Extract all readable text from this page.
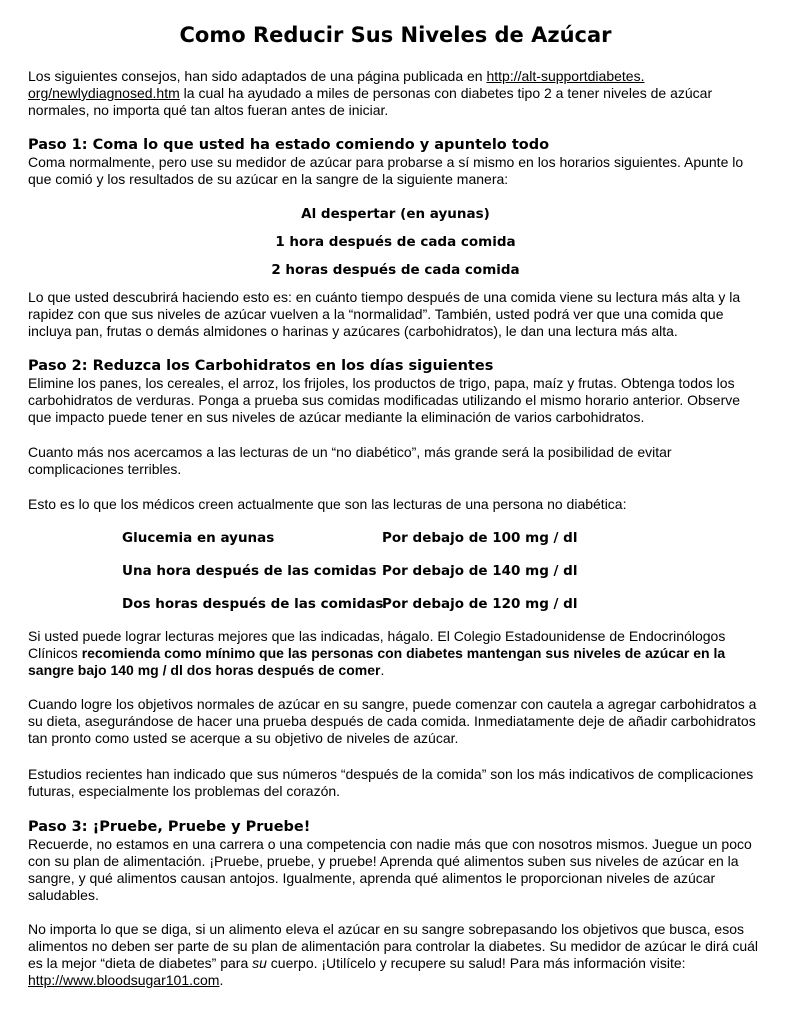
Como Reducir Sus Niveles de Azúcar

Los siguientes consejos, han sido adaptados de una página publicada en http://alt-supportdiabetes.
org/newlydiagnosed.htm la cual ha ayudado a miles de personas con diabetes tipo 2 a tener niveles de azúcar normales, no importa qué tan altos fueran antes de iniciar.

Paso 1: Coma lo que usted ha estado comiendo y apuntelo todo

Coma normalmente, pero use su medidor de azúcar para probarse a sí mismo en los horarios siguientes. Apunte lo que comió y los resultados de su azúcar en la sangre de la siguiente manera:

Al despertar (en ayunas)
1 hora después de cada comida
2 horas después de cada comida

Lo que usted descubrirá haciendo esto es: en cuánto tiempo después de una comida viene su lectura más alta y la rapidez con que sus niveles de azúcar vuelven a la “normalidad”. También, usted podrá ver que una comida que incluya pan, frutas o demás almidones o harinas y azúcares (carbohidratos), le dan una lectura más alta.

Paso 2: Reduzca los Carbohidratos en los días siguientes

Elimine los panes, los cereales, el arroz, los frijoles, los productos de trigo, papa, maíz y frutas. Obtenga todos los carbohidratos de verduras. Ponga a prueba sus comidas modificadas utilizando el mismo horario anterior. Observe que impacto puede tener en sus niveles de azúcar mediante la eliminación de varios carbohidratos.

Cuanto más nos acercamos a las lecturas de un “no diabético”, más grande será la posibilidad de evitar complicaciones terribles.

Esto es lo que los médicos creen actualmente que son las lecturas de una persona no diabética:

Glucemia en ayunas	Por debajo de 100 mg / dl
Una hora después de las comidas Por debajo de 140 mg / dl
Dos horas después de las comidas
Por debajo de 120 mg / dl

Si usted puede lograr lecturas mejores que las indicadas, hágalo. El Colegio Estadounidense de Endocrinólogos Clínicos recomienda como mínimo que las personas con diabetes mantengan sus niveles de azúcar en la sangre bajo 140 mg / dl dos horas después de comer.

Cuando logre los objetivos normales de azúcar en su sangre, puede comenzar con cautela a agregar carbohidratos a su dieta, asegurándose de hacer una prueba después de cada comida. Inmediatamente deje de añadir carbohidratos tan pronto como usted se acerque a su objetivo de niveles de azúcar.

Estudios recientes han indicado que sus números “después de la comida” son los más indicativos de complicaciones futuras, especialmente los problemas del corazón.

Paso 3: ¡Pruebe, Pruebe y Pruebe!

Recuerde, no estamos en una carrera o una competencia con nadie más que con nosotros mismos. Juegue un poco con su plan de alimentación. ¡Pruebe, pruebe, y pruebe! Aprenda qué alimentos suben sus niveles de azúcar en la sangre, y qué alimentos causan antojos. Igualmente, aprenda qué alimentos le proporcionan niveles de azúcar saludables.

No importa lo que se diga, si un alimento eleva el azúcar en su sangre sobrepasando los objetivos que busca, esos alimentos no deben ser parte de su plan de alimentación para controlar la diabetes. Su medidor de azúcar le dirá cuál es la mejor “dieta de diabetes” para su cuerpo. ¡Utilícelo y recupere su salud! Para más información visite: http://www.bloodsugar101.com.
